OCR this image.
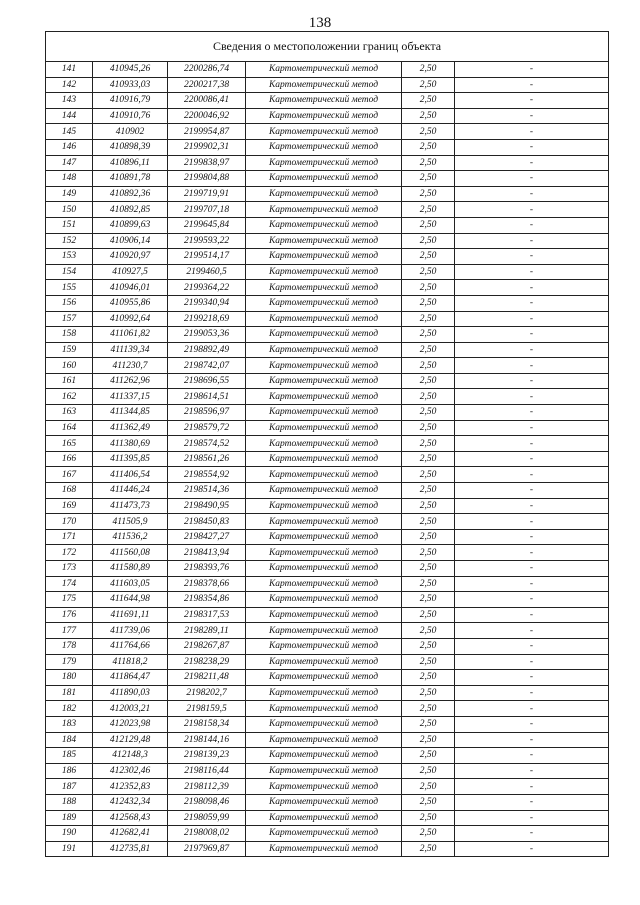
138
Сведения о местоположении границ объекта					
141	410945,26	2200286,74	Картометрический метод	2,50	-
142	410933,03	2200217,38	Картометрический метод	2,50	-
143	410916,79	2200086,41	Картометрический метод	2,50	-
144	410910,76	2200046,92	Картометрический метод	2,50	-
145	410902	2199954,87	Картометрический метод	2,50	-
146	410898,39	2199902,31	Картометрический метод	2,50	-
147	410896,11	2199838,97	Картометрический метод	2,50	-
148	410891,78	2199804,88	Картометрический метод	2,50	-
149	410892,36	2199719,91	Картометрический метод	2,50	-
150	410892,85	2199707,18	Картометрический метод	2,50	-
151	410899,63	2199645,84	Картометрический метод	2,50	-
152	410906,14	2199593,22	Картометрический метод	2,50	-
153	410920,97	2199514,17	Картометрический метод	2,50	-
154	410927,5	2199460,5	Картометрический метод	2,50	-
155	410946,01	2199364,22	Картометрический метод	2,50	-
156	410955,86	2199340,94	Картометрический метод	2,50	-
157	410992,64	2199218,69	Картометрический метод	2,50	-
158	411061,82	2199053,36	Картометрический метод	2,50	-
159	411139,34	2198892,49	Картометрический метод	2,50	-
160	411230,7	2198742,07	Картометрический метод	2,50	-
161	411262,96	2198696,55	Картометрический метод	2,50	-
162	411337,15	2198614,51	Картометрический метод	2,50	-
163	411344,85	2198596,97	Картометрический метод	2,50	-
164	411362,49	2198579,72	Картометрический метод	2,50	-
165	411380,69	2198574,52	Картометрический метод	2,50	-
166	411395,85	2198561,26	Картометрический метод	2,50	-
167	411406,54	2198554,92	Картометрический метод	2,50	-
168	411446,24	2198514,36	Картометрический метод	2,50	-
169	411473,73	2198490,95	Картометрический метод	2,50	-
170	411505,9	2198450,83	Картометрический метод	2,50	-
171	411536,2	2198427,27	Картометрический метод	2,50	-
172	411560,08	2198413,94	Картометрический метод	2,50	-
173	411580,89	2198393,76	Картометрический метод	2,50	-
174	411603,05	2198378,66	Картометрический метод	2,50	-
175	411644,98	2198354,86	Картометрический метод	2,50	-
176	411691,11	2198317,53	Картометрический метод	2,50	-
177	411739,06	2198289,11	Картометрический метод	2,50	-
178	411764,66	2198267,87	Картометрический метод	2,50	-
179	411818,2	2198238,29	Картометрический метод	2,50	-
180	411864,47	2198211,48	Картометрический метод	2,50	-
181	411890,03	2198202,7	Картометрический метод	2,50	-
182	412003,21	2198159,5	Картометрический метод	2,50	-
183	412023,98	2198158,34	Картометрический метод	2,50	-
184	412129,48	2198144,16	Картометрический метод	2,50	-
185	412148,3	2198139,23	Картометрический метод	2,50	-
186	412302,46	2198116,44	Картометрический метод	2,50	-
187	412352,83	2198112,39	Картометрический метод	2,50	-
188	412432,34	2198098,46	Картометрический метод	2,50	-
189	412568,43	2198059,99	Картометрический метод	2,50	-
190	412682,41	2198008,02	Картометрический метод	2,50	-
191	412735,81	2197969,87	Картометрический метод	2,50	-
